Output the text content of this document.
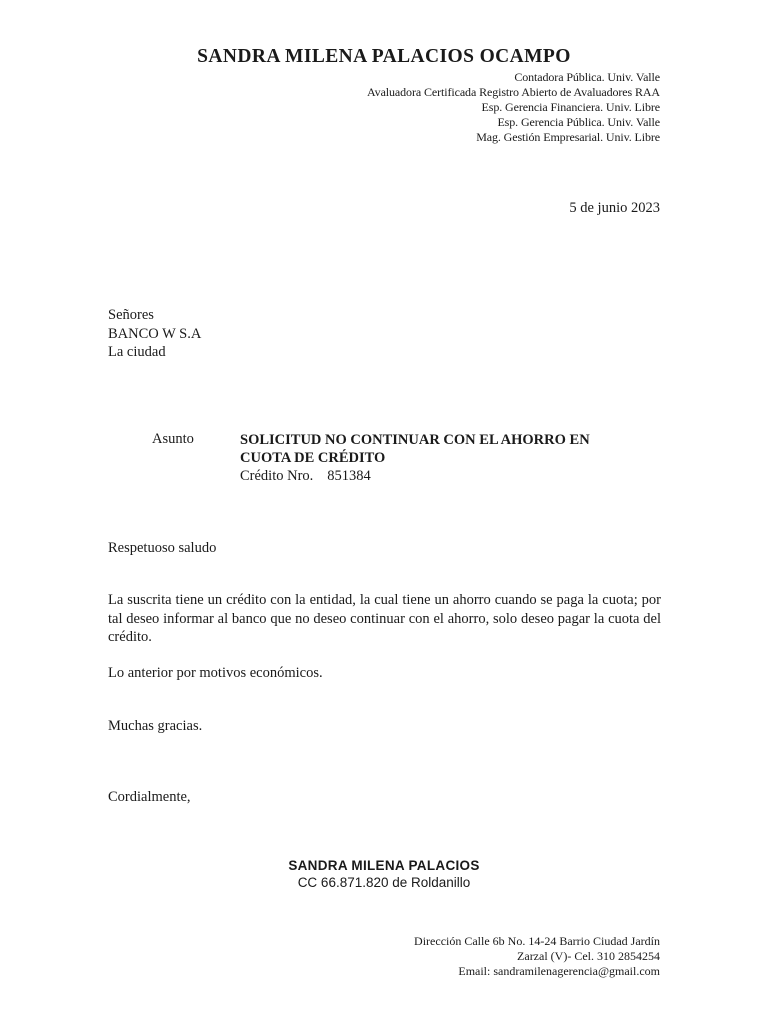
SANDRA MILENA PALACIOS OCAMPO
Contadora Pública. Univ. Valle
Avaluadora Certificada Registro Abierto de Avaluadores RAA
Esp. Gerencia Financiera. Univ. Libre
Esp. Gerencia Pública. Univ. Valle
Mag. Gestión Empresarial. Univ. Libre
5 de junio 2023
Señores
BANCO W S.A
La ciudad
Asunto	SOLICITUD NO CONTINUAR CON EL AHORRO EN CUOTA DE CRÉDITO
Crédito Nro. 851384
Respetuoso saludo
La suscrita tiene un crédito con la entidad, la cual tiene un ahorro cuando se paga la cuota; por tal deseo informar al banco que no deseo continuar con el ahorro, solo deseo pagar la cuota del crédito.
Lo anterior por motivos económicos.
Muchas gracias.
Cordialmente,
SANDRA MILENA PALACIOS
CC 66.871.820 de Roldanillo
Dirección Calle 6b No. 14-24 Barrio Ciudad Jardín
Zarzal (V)- Cel. 310 2854254
Email: sandramilenagerencia@gmail.com
